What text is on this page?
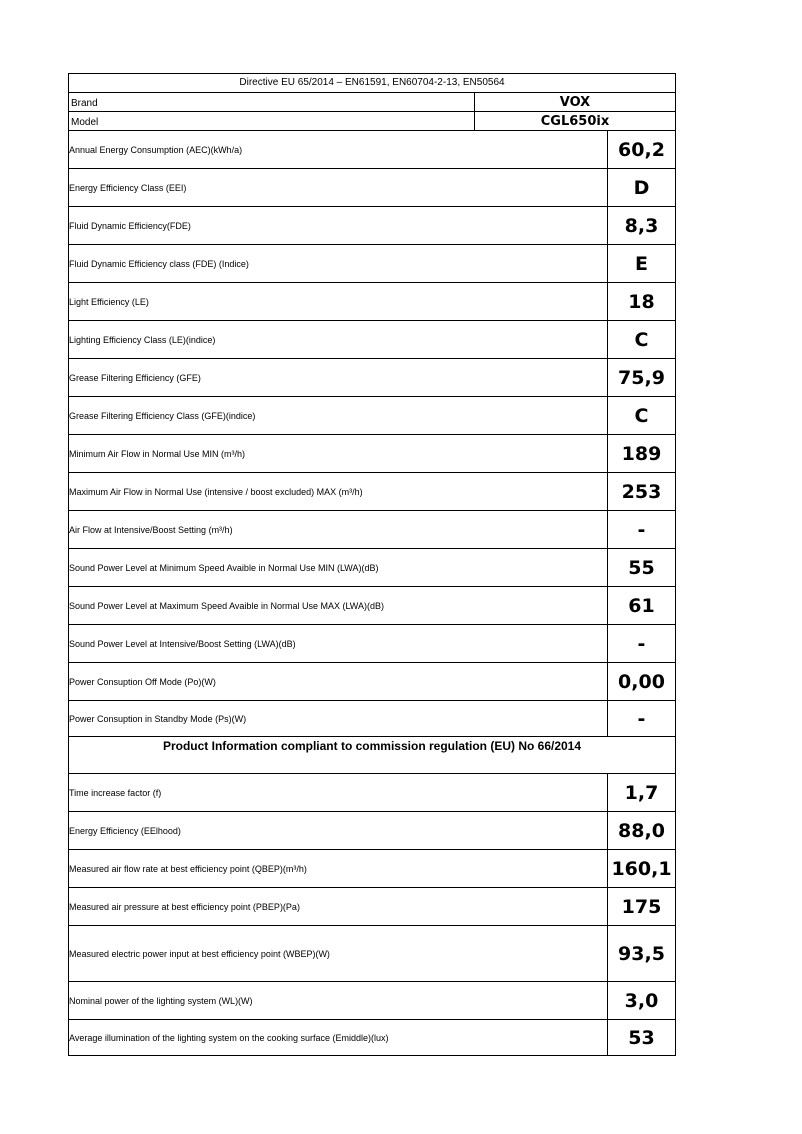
Directive EU 65/2014 – EN61591, EN60704-2-13, EN50564
Brand	VOX
Model	CGL650ix
Annual Energy Consumption (AEC)(kWh/a)	60,2
Energy Efficiency Class (EEI)	D
Fluid Dynamic Efficiency(FDE)	8,3
Fluid Dynamic Efficiency class (FDE) (Indice)	E
Light Efficiency (LE)	18
Lighting Efficiency Class (LE)(indice)	C
Grease Filtering Efficiency (GFE)	75,9
Grease Filtering Efficiency Class (GFE)(indice)	C
Minimum Air Flow in Normal Use MIN (m³/h)	189
Maximum Air Flow in Normal Use (intensive / boost excluded) MAX (m³/h)	253
Air Flow at Intensive/Boost Setting (m³/h)	-
Sound Power Level at Minimum Speed Avaible in Normal Use MIN (LWA)(dB)	55
Sound Power Level at Maximum Speed Avaible in Normal Use MAX (LWA)(dB)	61
Sound Power Level at Intensive/Boost Setting (LWA)(dB)	-
Power Consuption Off Mode (Po)(W)	0,00
Power Consuption in Standby Mode (Ps)(W)	-
Product Information compliant to commission regulation (EU) No 66/2014
Time increase factor (f)	1,7
Energy Efficiency (EElhood)	88,0
Measured air flow rate at best efficiency point (QBEP)(m³/h)	160,1
Measured air pressure at best efficiency point (PBEP)(Pa)	175
Measured electric power input at best efficiency point (WBEP)(W)	93,5
Nominal power of the lighting system (WL)(W)	3,0
Average illumination of the lighting system on the cooking surface (Emiddle)(lux)	53
